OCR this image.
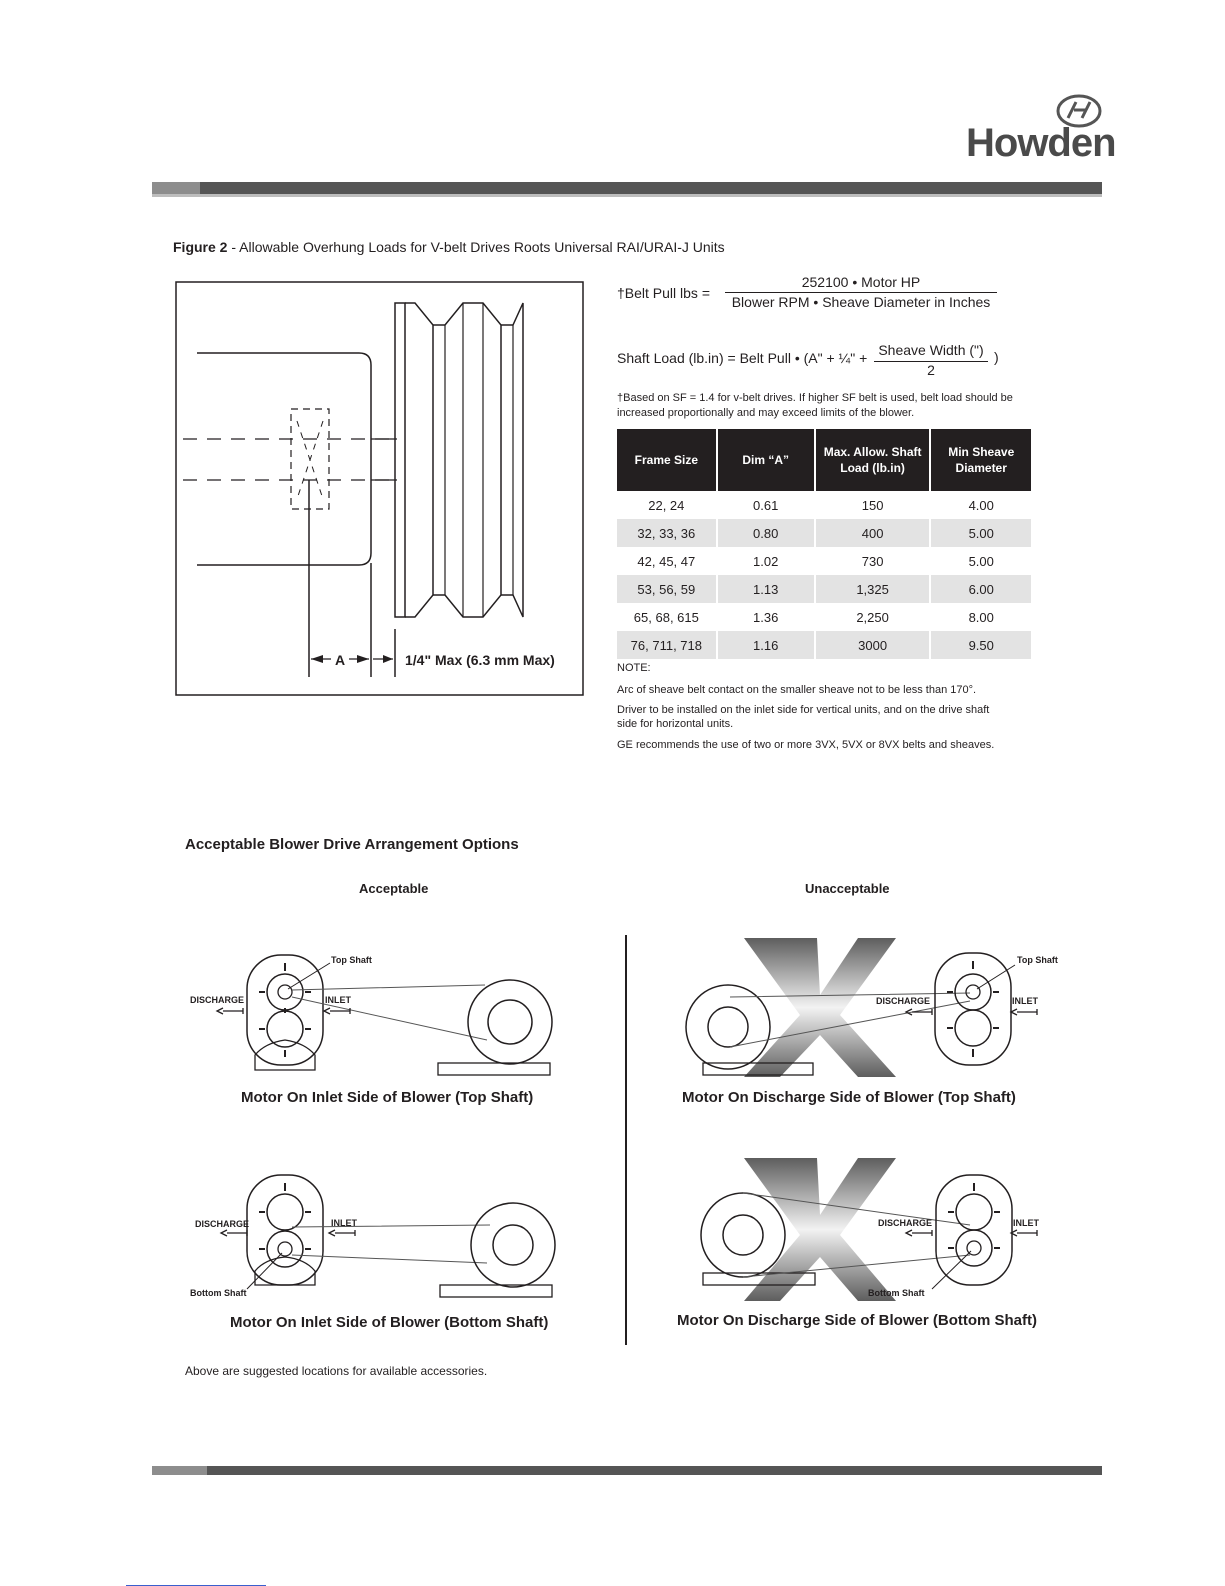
Howden
Figure 2 - Allowable Overhung Loads for V-belt Drives Roots Universal RAI/URAI-J Units
A	1/4" Max (6.3 mm Max)
†Belt Pull lbs =
252100 • Motor HP
Blower RPM • Sheave Diameter in Inches
Shaft Load (lb.in) = Belt Pull • (A" + ¼" + Sheave Width (")
2
)
†Based on SF = 1.4 for v-belt drives. If higher SF belt is used, belt load should be
increased proportionally and may exceed limits of the blower.
Frame Size	Dim “A”	Max. Allow. Shaft Load (lb.in)	Min Sheave Diameter
22, 24	0.61	150	4.00
32, 33, 36	0.80	400	5.00
42, 45, 47	1.02	730	5.00
53, 56, 59	1.13	1,325	6.00
65, 68, 615	1.36	2,250	8.00
76, 711, 718	1.16	3000	9.50
NOTE:
Arc of sheave belt contact on the smaller sheave not to be less than 170°.
Driver to be installed on the inlet side for vertical units, and on the drive shaft
side for horizontal units.
GE recommends the use of two or more 3VX, 5VX or 8VX belts and sheaves.
Acceptable Blower Drive Arrangement Options
Acceptable	Unacceptable
Top Shaft
DISCHARGE	INLET
Motor On Inlet Side of Blower (Top Shaft)
Bottom Shaft
DISCHARGE	INLET
Motor On Inlet Side of Blower (Bottom Shaft)
Top Shaft
DISCHARGE	INLET
Motor On Discharge Side of Blower (Top Shaft)
Bottom Shaft
DISCHARGE	INLET
Motor On Discharge Side of Blower (Bottom Shaft)
Above are suggested locations for available accessories.
